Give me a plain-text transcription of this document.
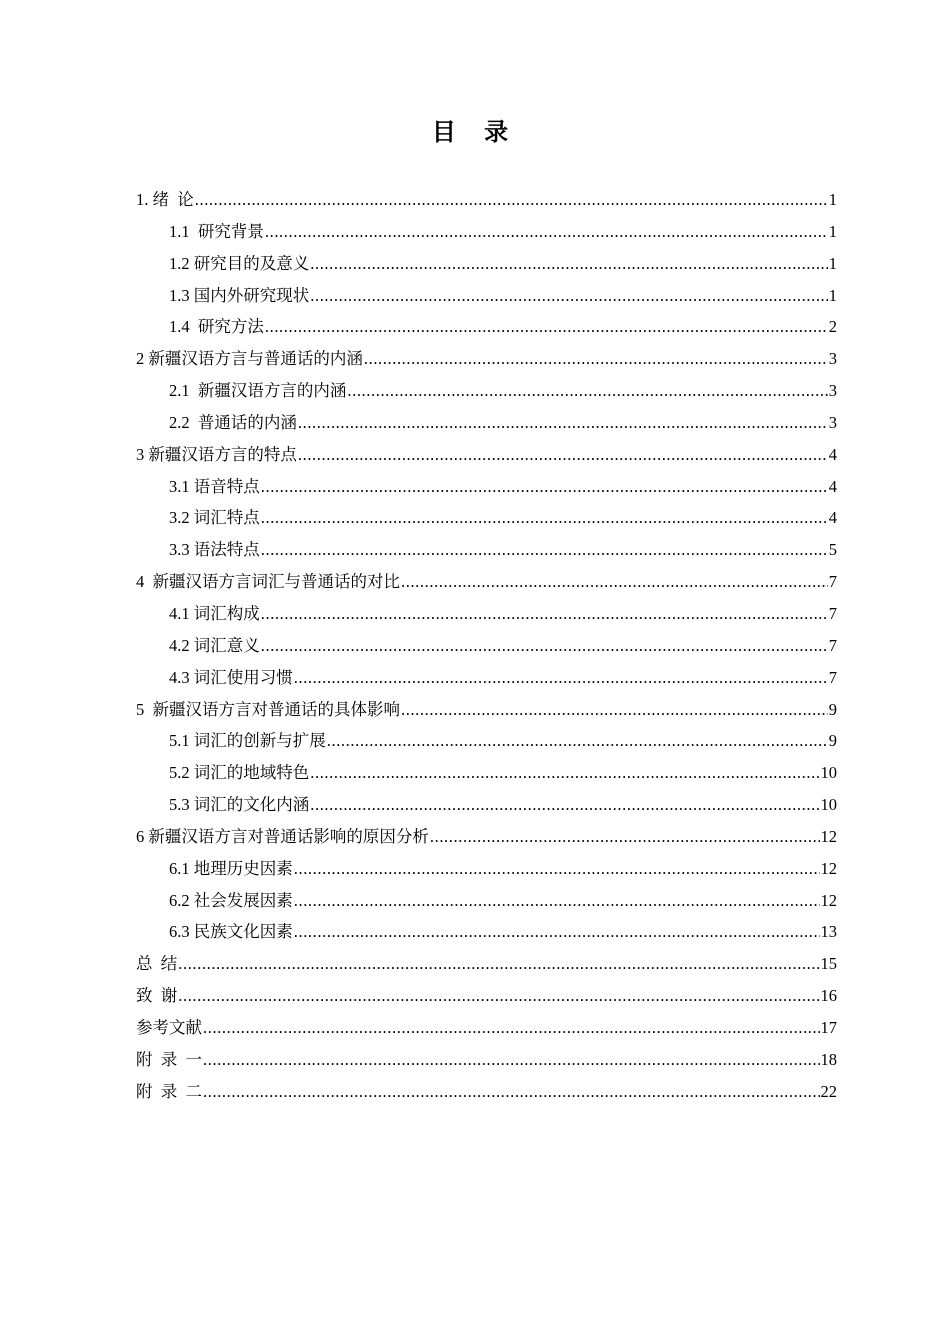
目 录
1. 绪  论 .....	1
1.1  研究背景 .....	1
1.2 研究目的及意义 .....	1
1.3 国内外研究现状 .....	1
1.4  研究方法 .....	2
2 新疆汉语方言与普通话的内涵 .....	3
2.1  新疆汉语方言的内涵 .....	3
2.2  普通话的内涵 .....	3
3 新疆汉语方言的特点 .....	4
3.1 语音特点 .....	4
3.2 词汇特点 .....	4
3.3 语法特点 .....	5
4  新疆汉语方言词汇与普通话的对比 .....	7
4.1 词汇构成 .....	7
4.2 词汇意义 .....	7
4.3 词汇使用习惯 .....	7
5  新疆汉语方言对普通话的具体影响 .....	9
5.1 词汇的创新与扩展 .....	9
5.2 词汇的地域特色 .....	10
5.3 词汇的文化内涵 .....	10
6 新疆汉语方言对普通话影响的原因分析 .....	12
6.1 地理历史因素 .....	12
6.2 社会发展因素 .....	12
6.3 民族文化因素 .....	13
总  结 .....	15
致  谢 .....	16
参考文献 .....	17
附  录  一 .....	18
附  录  二 .....	22
